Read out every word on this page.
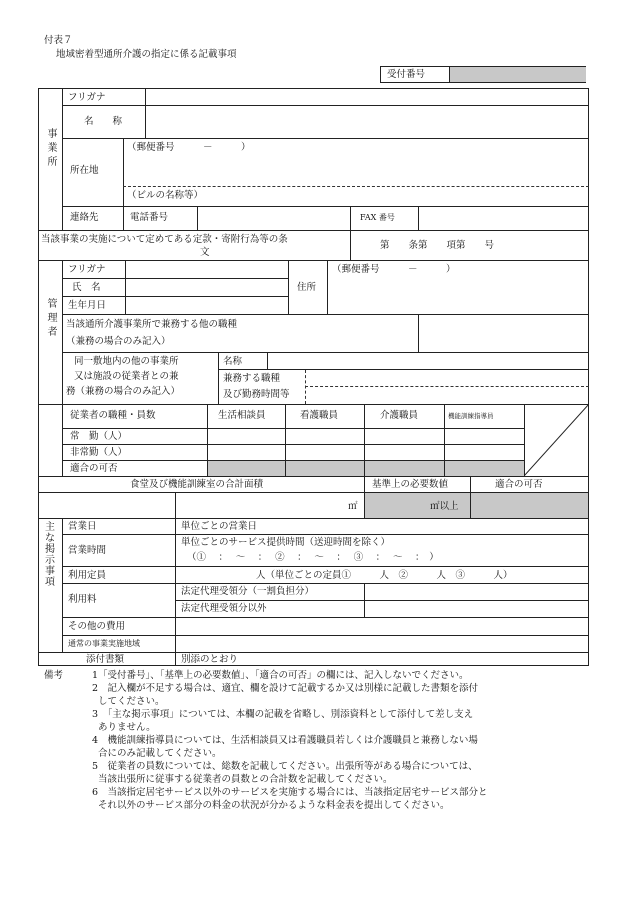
付表７
地域密着型通所介護の指定に係る記載事項
受付番号
事業所
フリガナ
名　　称
所在地
（郵便番号　　　－　　　）
（ビルの名称等）
連絡先	電話番号	FAX 番号
当該事業の実施について定めてある定款・寄附行為等の条
文
第　　条第　　項第　　号
管理者
フリガナ
氏　名
生年月日
住所
（郵便番号　　　－　　　）
当該通所介護事業所で兼務する他の職種
（兼務の場合のみ記入）
同一敷地内の他の事業所
又は施設の従業者との兼
務（兼務の場合のみ記入）
名称
兼務する職種
及び勤務時間等
従業者の職種・員数	生活相談員	看護職員	介護職員	機能訓練指導員
常　勤（人）
非常勤（人）
適合の可否
食堂及び機能訓練室の合計面積	基準上の必要数値	適合の可否
㎡	㎡以上
主な掲示事項
営業日	単位ごとの営業日
営業時間
単位ごとのサービス提供時間（送迎時間を除く）
（①　 ：　 ～　 ：　 ②　 ：　 ～　 ：　 ③　 ：　 ～　 ：　）
利用定員	人（単位ごとの定員①　　　人　②　　　人　③　　　人）
利用料
法定代理受領分（一割負担分）
法定代理受領分以外
その他の費用
通常の事業実施地域
添付書類	別添のとおり
備考	1「受付番号」、「基準上の必要数値」、「適合の可否」の欄には、記入しないでください。
2　記入欄が不足する場合は、適宜、欄を設けて記載するか又は別様に記載した書類を添付
してください。
3　「主な掲示事項」については、本欄の記載を省略し、別添資料として添付して差し支え
ありません。
4　機能訓練指導員については、生活相談員又は看護職員若しくは介護職員と兼務しない場
合にのみ記載してください。
5　従業者の員数については、総数を記載してください。出張所等がある場合については、
当該出張所に従事する従業者の員数との合計数を記載してください。
6　当該指定居宅サービス以外のサービスを実施する場合には、当該指定居宅サービス部分と
それ以外のサービス部分の料金の状況が分かるような料金表を提出してください。
